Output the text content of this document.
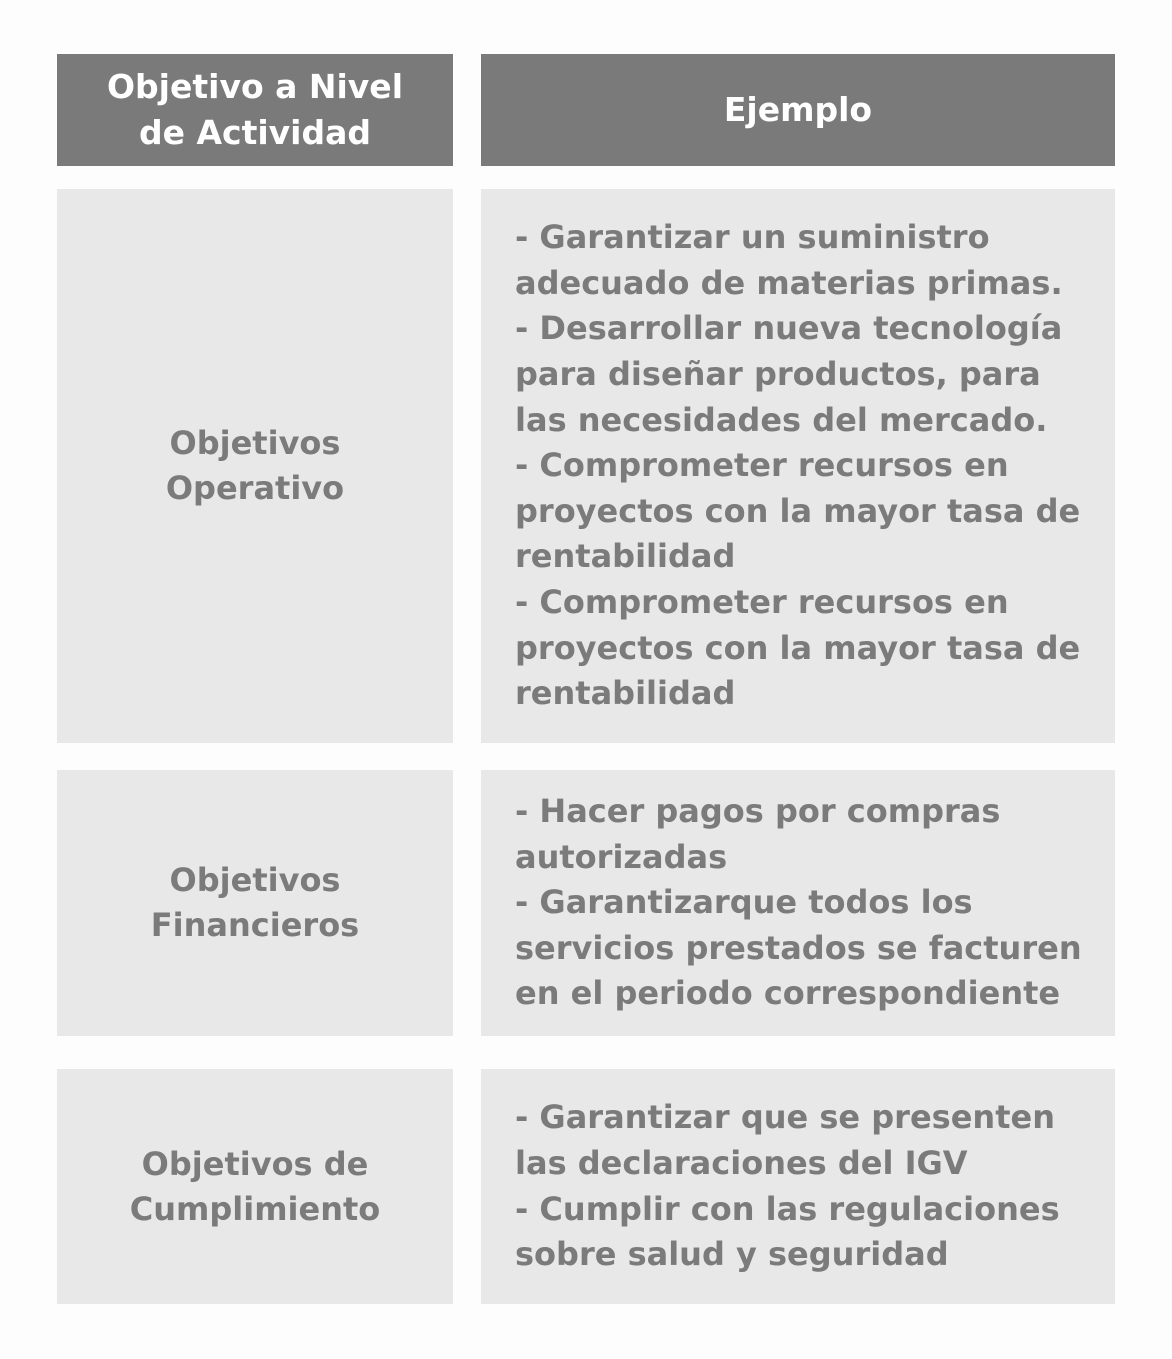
Objetivo a Nivel
de Actividad
Ejemplo
Objetivos
Operativo
- Garantizar un suministro adecuado de materias primas.
- Desarrollar nueva tecnología para diseñar productos, para las necesidades del mercado.
- Comprometer recursos en proyectos con la mayor tasa de rentabilidad
- Comprometer recursos en proyectos con la mayor tasa de rentabilidad
Objetivos
Financieros
- Hacer pagos por compras autorizadas
- Garantizarque todos los servicios prestados se facturen en el periodo correspondiente
Objetivos de
Cumplimiento
- Garantizar que se presenten las declaraciones del IGV
- Cumplir con las regulaciones sobre salud y seguridad
